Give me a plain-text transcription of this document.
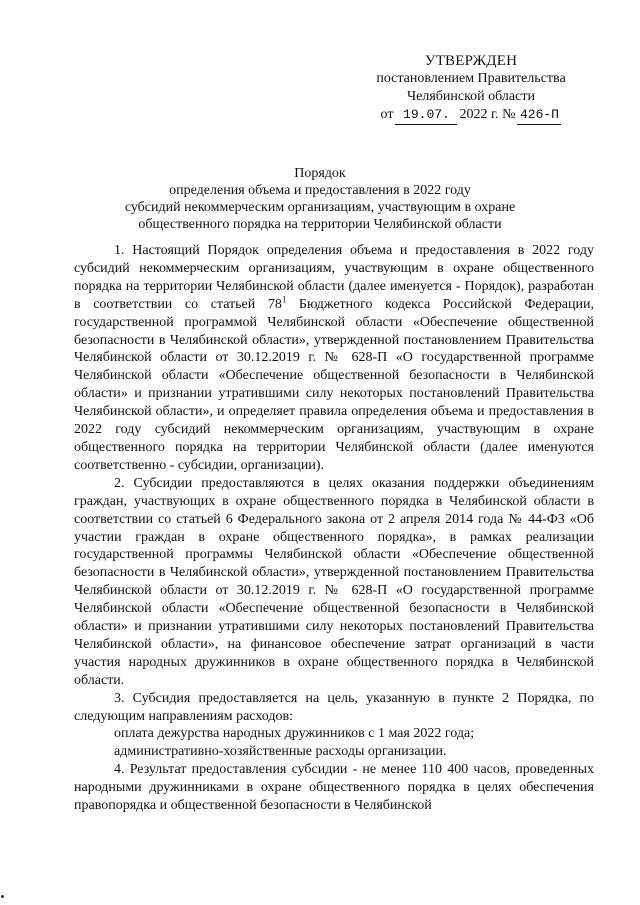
УТВЕРЖДЕН
постановлением Правительства
Челябинской области
от 19.07. 2022 г. № 426-П
Порядок
определения объема и предоставления в 2022 году
субсидий некоммерческим организациям, участвующим в охране
общественного порядка на территории Челябинской области

1. Настоящий Порядок определения объема и предоставления в 2022 году субсидий некоммерческим организациям, участвующим в охране общественного порядка на территории Челябинской области (далее именуется - Порядок), разработан в соответствии со статьей $78^1$ Бюджетного кодекса Российской Федерации, государственной программой Челябинской области «Обеспечение общественной безопасности в Челябинской области», утвержденной постановлением Правительства Челябинской области от 30.12.2019 г. № 628-П «О государственной программе Челябинской области «Обеспечение общественной безопасности в Челябинской области» и признании утратившими силу некоторых постановлений Правительства Челябинской области», и определяет правила определения объема и предоставления в 2022 году субсидий некоммерческим организациям, участвующим в охране общественного порядка на территории Челябинской области (далее именуются соответственно - субсидии, организации).

2. Субсидии предоставляются в целях оказания поддержки объединениям граждан, участвующих в охране общественного порядка в Челябинской области в соответствии со статьей 6 Федерального закона от 2 апреля 2014 года № 44-ФЗ «Об участии граждан в охране общественного порядка», в рамках реализации государственной программы Челябинской области «Обеспечение общественной безопасности в Челябинской области», утвержденной постановлением Правительства Челябинской области от 30.12.2019 г. № 628-П «О государственной программе Челябинской области «Обеспечение общественной безопасности в Челябинской области» и признании утратившими силу некоторых постановлений Правительства Челябинской области», на финансовое обеспечение затрат организаций в части участия народных дружинников в охране общественного порядка в Челябинской области.

3. Субсидия предоставляется на цель, указанную в пункте 2 Порядка, по следующим направлениям расходов:

оплата дежурства народных дружинников с 1 мая 2022 года;

административно-хозяйственные расходы организации.

4. Результат предоставления субсидии - не менее 110 400 часов, проведенных народными дружинниками в охране общественного порядка в целях обеспечения правопорядка и общественной безопасности в Челябинской
